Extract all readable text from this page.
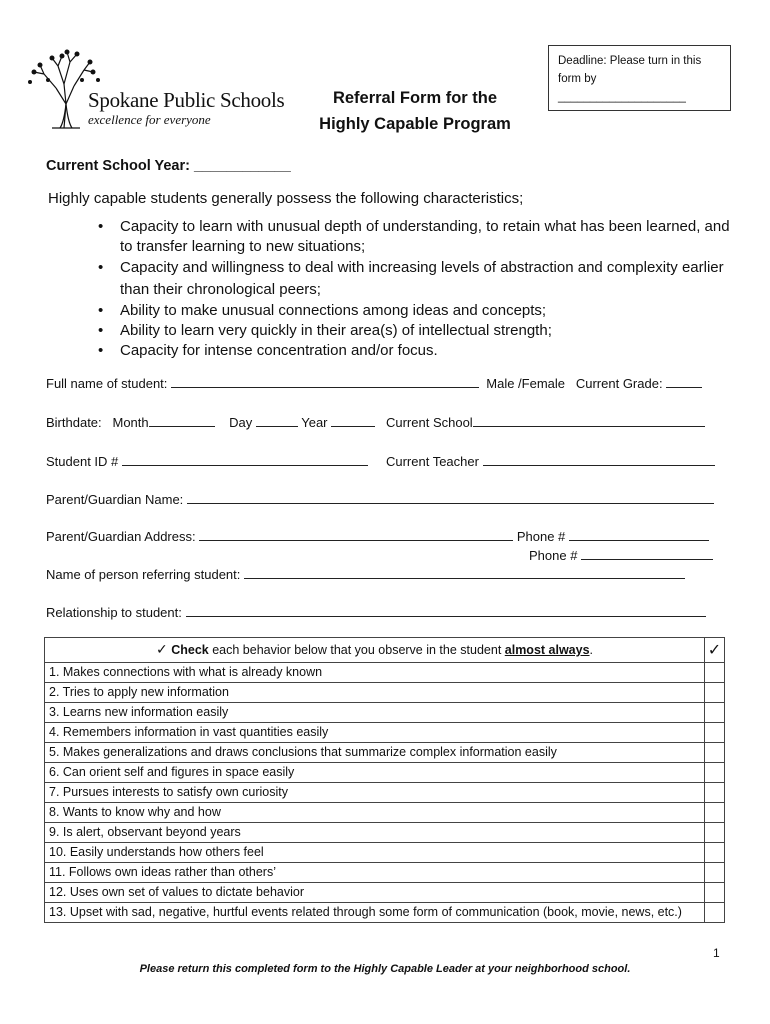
Spokane Public Schools
excellence for everyone
Referral Form for the
Highly Capable Program
Deadline: Please turn in this
form by
____________________
Current School Year: ____________
Highly capable students generally possess the following characteristics;
• Capacity to learn with unusual depth of understanding, to retain what has been learned, and to transfer learning to new situations;
• Capacity and willingness to deal with increasing levels of abstraction and complexity earlier than their chronological peers;
• Ability to make unusual connections among ideas and concepts;
• Ability to learn very quickly in their area(s) of intellectual strength;
• Capacity for intense concentration and/or focus.
Full name of student:	Male /Female Current Grade:
Birthdate: Month	Day	Year	Current School
Student ID #	Current Teacher
Parent/Guardian Name:
Parent/Guardian Address:	Phone #
Phone #
Name of person referring student:
Relationship to student:
✓ Check each behavior below that you observe in the student almost always.	✓
1. Makes connections with what is already known	
2. Tries to apply new information	
3. Learns new information easily	
4. Remembers information in vast quantities easily	
5. Makes generalizations and draws conclusions that summarize complex information easily	
6. Can orient self and figures in space easily	
7. Pursues interests to satisfy own curiosity	
8. Wants to know why and how	
9. Is alert, observant beyond years	
10. Easily understands how others feel	
11. Follows own ideas rather than others’	
12. Uses own set of values to dictate behavior	
13. Upset with sad, negative, hurtful events related through some form of communication (book, movie, news, etc.)	
1
Please return this completed form to the Highly Capable Leader at your neighborhood school.
